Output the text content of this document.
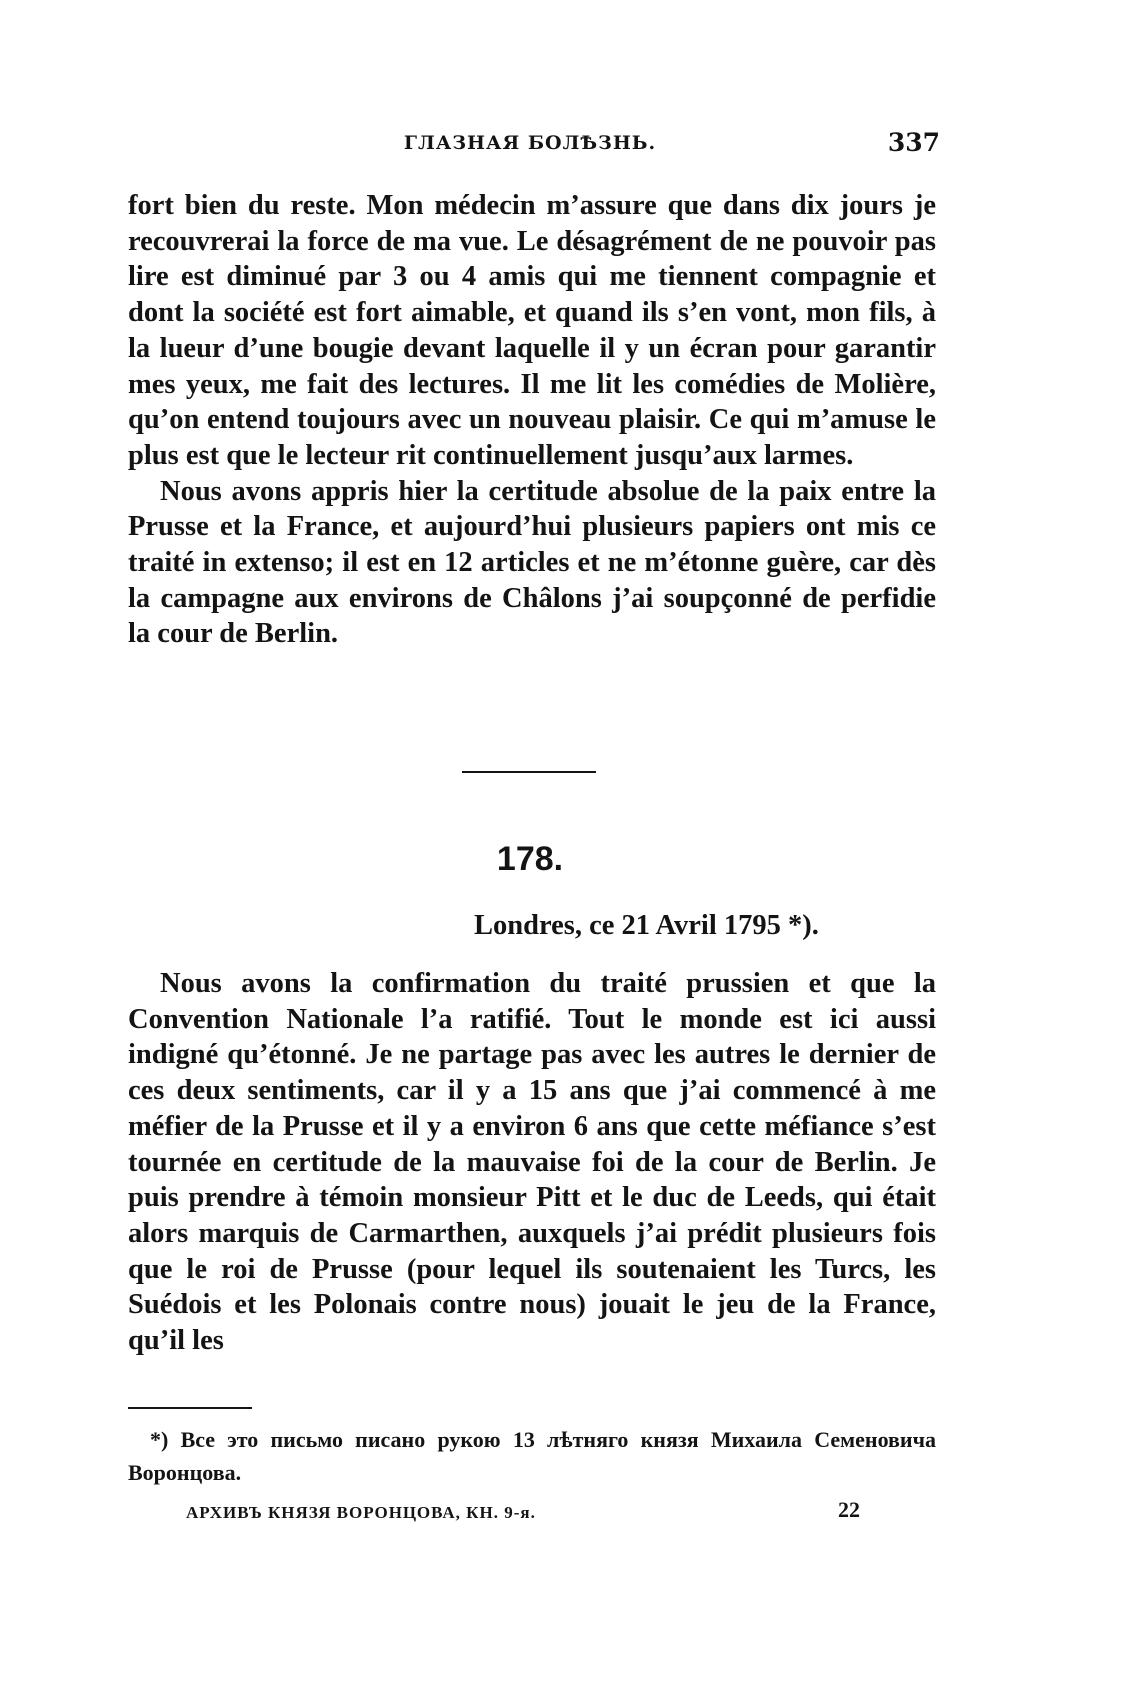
ГЛАЗНАЯ БОЛѢЗНЬ.	337

fort bien du reste. Mon médecin m’assure que dans dix jours je recouvrerai la force de ma vue. Le désagrément de ne pouvoir pas lire est diminué par 3 ou 4 amis qui me tiennent compagnie et dont la société est fort aimable, et quand ils s’en vont, mon fils, à la lueur d’une bougie devant laquelle il y un écran pour garantir mes yeux, me fait des lectures. Il me lit les comédies de Molière, qu’on entend toujours avec un nouveau plaisir. Ce qui m’amuse le plus est que le lecteur rit continuellement jusqu’aux larmes.

Nous avons appris hier la certitude absolue de la paix entre la Prusse et la France, et aujourd’hui plusieurs papiers ont mis ce traité in extenso; il est en 12 articles et ne m’étonne guère, car dès la campagne aux environs de Châlons j’ai soupçonné de perfidie la cour de Berlin.

178.
Londres, ce 21 Avril 1795 *).

Nous avons la confirmation du traité prussien et que la Convention Nationale l’a ratifié. Tout le monde est ici aussi indigné qu’étonné. Je ne partage pas avec les autres le dernier de ces deux sentiments, car il y a 15 ans que j’ai commencé à me méfier de la Prusse et il y a environ 6 ans que cette méfiance s’est tournée en certitude de la mauvaise foi de la cour de Berlin. Je puis prendre à témoin monsieur Pitt et le duc de Leeds, qui était alors marquis de Carmarthen, auxquels j’ai prédit plusieurs fois que le roi de Prusse (pour lequel ils soutenaient les Turcs, les Suédois et les Polonais contre nous) jouait le jeu de la France, qu’il les

*) Все это письмо писано рукою 13 лѣтняго князя Михаила Семеновича Воронцова.
АРХИВЪ КНЯЗЯ ВОРОНЦОВА, КН. 9-я.	22
